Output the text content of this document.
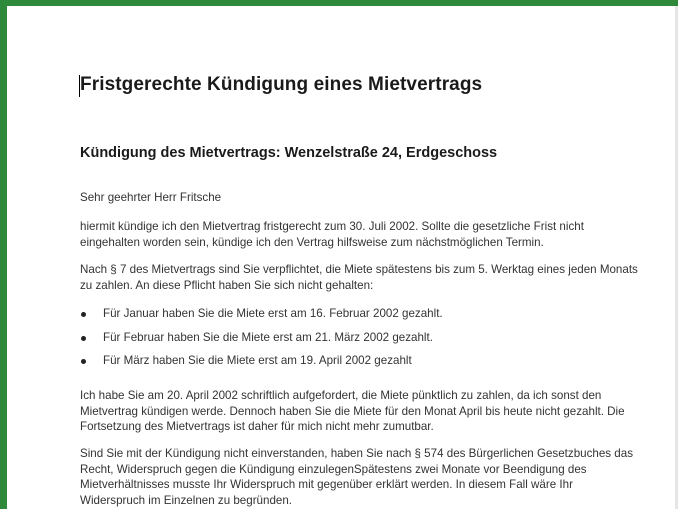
Fristgerechte Kündigung eines Mietvertrags
Kündigung des Mietvertrags: Wenzelstraße 24, Erdgeschoss
Sehr geehrter Herr Fritsche
hiermit kündige ich den Mietvertrag fristgerecht zum 30. Juli 2002. Sollte die gesetzliche Frist nicht
eingehalten worden sein, kündige ich den Vertrag hilfsweise zum nächstmöglichen Termin.
Nach § 7 des Mietvertrags sind Sie verpflichtet, die Miete spätestens bis zum 5. Werktag eines jeden Monats
zu zahlen. An diese Pflicht haben Sie sich nicht gehalten:
Für Januar haben Sie die Miete erst am 16. Februar 2002 gezahlt.
Für Februar haben Sie die Miete erst am 21. März 2002 gezahlt.
Für März haben Sie die Miete erst am 19. April 2002 gezahlt
Ich habe Sie am 20. April 2002 schriftlich aufgefordert, die Miete pünktlich zu zahlen, da ich sonst den
Mietvertrag kündigen werde. Dennoch haben Sie die Miete für den Monat April bis heute nicht gezahlt. Die
Fortsetzung des Mietvertrags ist daher für mich nicht mehr zumutbar.
Sind Sie mit der Kündigung nicht einverstanden, haben Sie nach § 574 des Bürgerlichen Gesetzbuches das
Recht, Widerspruch gegen die Kündigung einzulegenSpätestens zwei Monate vor Beendigung des
Mietverhältnisses musste Ihr Widerspruch mit gegenüber erklärt werden. In diesem Fall wäre Ihr
Widerspruch im Einzelnen zu begründen.
